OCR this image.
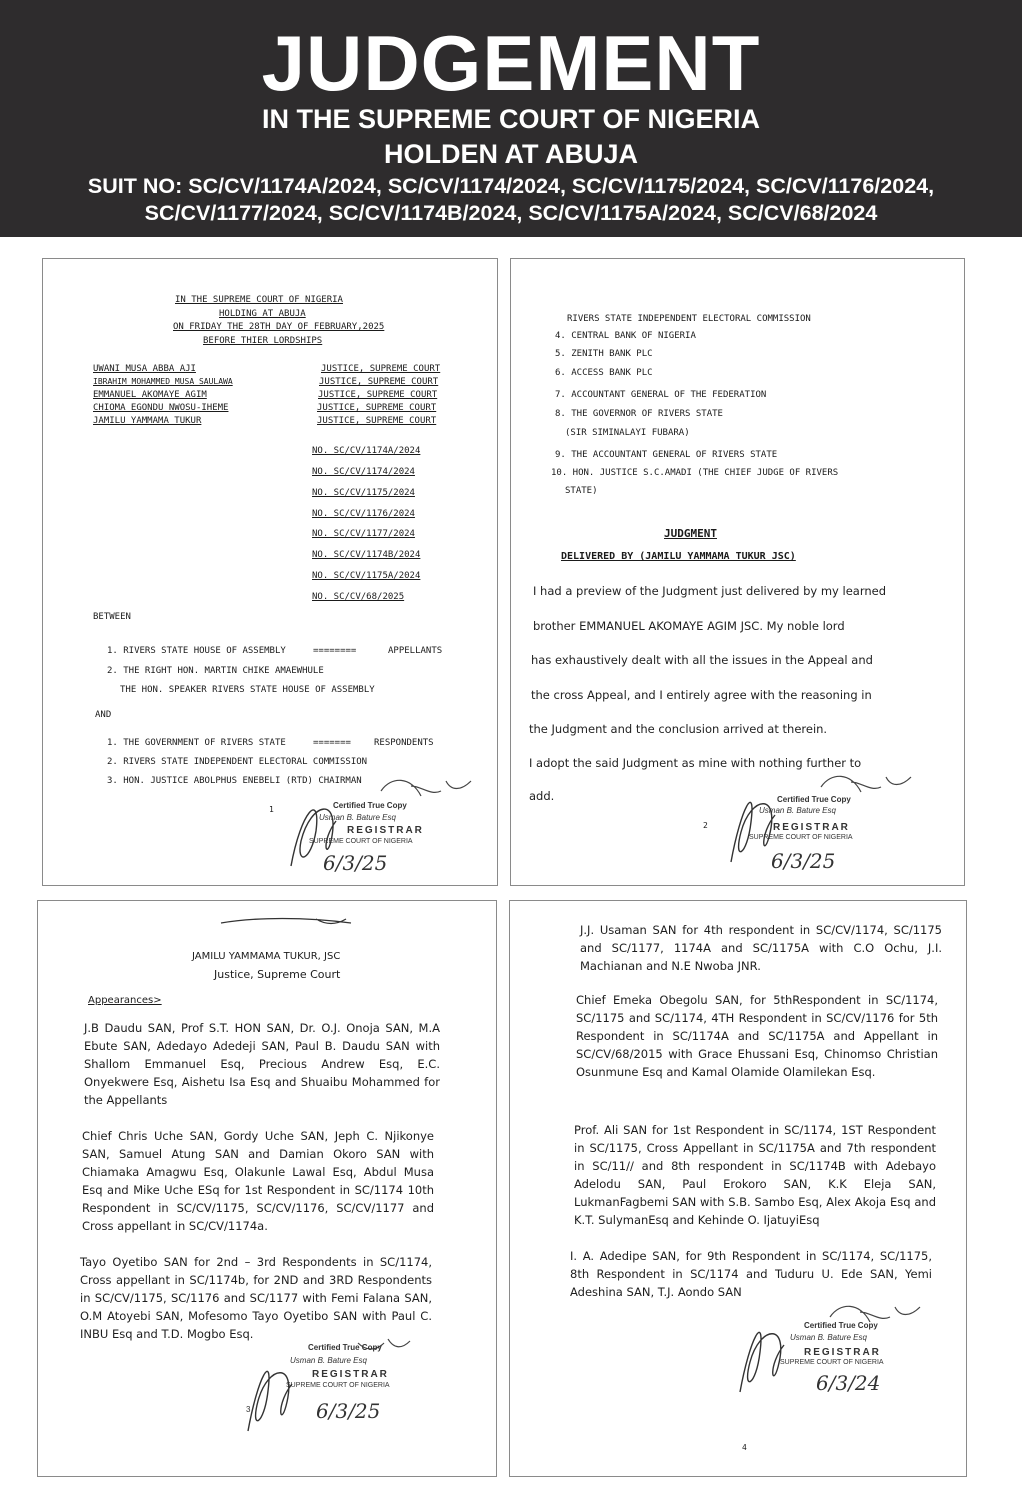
JUDGEMENT
IN THE SUPREME COURT OF NIGERIA
HOLDEN AT ABUJA
SUIT NO: SC/CV/1174A/2024, SC/CV/1174/2024, SC/CV/1175/2024, SC/CV/1176/2024,
SC/CV/1177/2024, SC/CV/1174B/2024, SC/CV/1175A/2024, SC/CV/68/2024
IN THE SUPREME COURT OF NIGERIA
HOLDING AT ABUJA
ON FRIDAY THE 28TH DAY OF FEBRUARY,2025
BEFORE THIER LORDSHIPS
UWANI MUSA ABBA AJI	JUSTICE, SUPREME COURT
IBRAHIM MOHAMMED MUSA SAULAWA	JUSTICE, SUPREME COURT
EMMANUEL AKOMAYE AGIM	JUSTICE, SUPREME COURT
CHIOMA EGONDU NWOSU-IHEME	JUSTICE, SUPREME COURT
JAMILU YAMMAMA TUKUR	JUSTICE, SUPREME COURT
NO. SC/CV/1174A/2024
NO. SC/CV/1174/2024
NO. SC/CV/1175/2024
NO. SC/CV/1176/2024
NO. SC/CV/1177/2024
NO. SC/CV/1174B/2024
NO. SC/CV/1175A/2024
NO. SC/CV/68/2025
BETWEEN
1. RIVERS STATE HOUSE OF ASSEMBLY	========	APPELLANTS
2. THE RIGHT HON. MARTIN CHIKE AMAEWHULE
THE HON. SPEAKER RIVERS STATE HOUSE OF ASSEMBLY
AND
1. THE GOVERNMENT OF RIVERS STATE	=======	RESPONDENTS
2. RIVERS STATE INDEPENDENT ELECTORAL COMMISSION
3. HON. JUSTICE ABOLPHUS ENEBELI (RTD) CHAIRMAN
1	Certified True Copy
Usman B. Bature Esq
REGISTRAR
SUPREME COURT OF NIGERIA
6/3/25
RIVERS STATE INDEPENDENT ELECTORAL COMMISSION
4. CENTRAL BANK OF NIGERIA
5. ZENITH BANK PLC
6. ACCESS BANK PLC
7. ACCOUNTANT GENERAL OF THE FEDERATION
8. THE GOVERNOR OF RIVERS STATE
(SIR SIMINALAYI FUBARA)
9. THE ACCOUNTANT GENERAL OF RIVERS STATE
10. HON. JUSTICE S.C.AMADI (THE CHIEF JUDGE OF RIVERS
STATE)
JUDGMENT
DELIVERED BY (JAMILU YAMMAMA TUKUR JSC)
I had a preview of the Judgment just delivered by my learned
brother EMMANUEL AKOMAYE AGIM JSC. My noble lord
has exhaustively dealt with all the issues in the Appeal and
the cross Appeal, and I entirely agree with the reasoning in
the Judgment and the conclusion arrived at therein.
I adopt the said Judgment as mine with nothing further to
add.
2
Certified True Copy
Usman B. Bature Esq
REGISTRAR
SUPREME COURT OF NIGERIA
6/3/25
JAMILU YAMMAMA TUKUR, JSC
Justice, Supreme Court
Appearances>
J.B Daudu SAN, Prof S.T. HON SAN, Dr. O.J. Onoja SAN, M.A Ebute SAN, Adedayo Adedeji SAN, Paul B. Daudu SAN with Shallom Emmanuel Esq, Precious Andrew Esq, E.C. Onyekwere Esq, Aishetu Isa Esq and Shuaibu Mohammed for the Appellants
Chief Chris Uche SAN, Gordy Uche SAN, Jeph C. Njikonye SAN, Samuel Atung SAN and Damian Okoro SAN with Chiamaka Amagwu Esq, Olakunle Lawal Esq, Abdul Musa Esq and Mike Uche ESq for 1st Respondent in SC/1174 10th Respondent in SC/CV/1175, SC/CV/1176, SC/CV/1177 and Cross appellant in SC/CV/1174a.
Tayo Oyetibo SAN for 2nd – 3rd Respondents in SC/1174, Cross appellant in SC/1174b, for 2ND and 3RD Respondents in SC/CV/1175, SC/1176 and SC/1177 with Femi Falana SAN, O.M Atoyebi SAN, Mofesomo Tayo Oyetibo SAN with Paul C. INBU Esq and T.D. Mogbo Esq.
Certified True Copy
Usman B. Bature Esq
REGISTRAR
SUPREME COURT OF NIGERIA
6/3/25
3
J.J. Usaman SAN for 4th respondent in SC/CV/1174, SC/1175 and SC/1177, 1174A and SC/1175A with C.O Ochu, J.I. Machianan and N.E Nwoba JNR.
Chief Emeka Obegolu SAN, for 5thRespondent in SC/1174, SC/1175 and SC/1174, 4TH Respondent in SC/CV/1176 for 5th Respondent in SC/1174A and SC/1175A and Appellant in SC/CV/68/2015 with Grace Ehussani Esq, Chinomso Christian Osunmune Esq and Kamal Olamide Olamilekan Esq.
Prof. Ali SAN for 1st Respondent in SC/1174, 1ST Respondent in SC/1175, Cross Appellant in SC/1175A and 7th respondent in SC/11// and 8th respondent in SC/1174B with Adebayo Adelodu SAN, Paul Erokoro SAN, K.K Eleja SAN, LukmanFagbemi SAN with S.B. Sambo Esq, Alex Akoja Esq and K.T. SulymanEsq and Kehinde O. IjatuyiEsq
I. A. Adedipe SAN, for 9th Respondent in SC/1174, SC/1175, 8th Respondent in SC/1174 and Tuduru U. Ede SAN, Yemi Adeshina SAN, T.J. Aondo SAN
Certified True Copy
Usman B. Bature Esq
REGISTRAR
SUPREME COURT OF NIGERIA
6/3/24
4
